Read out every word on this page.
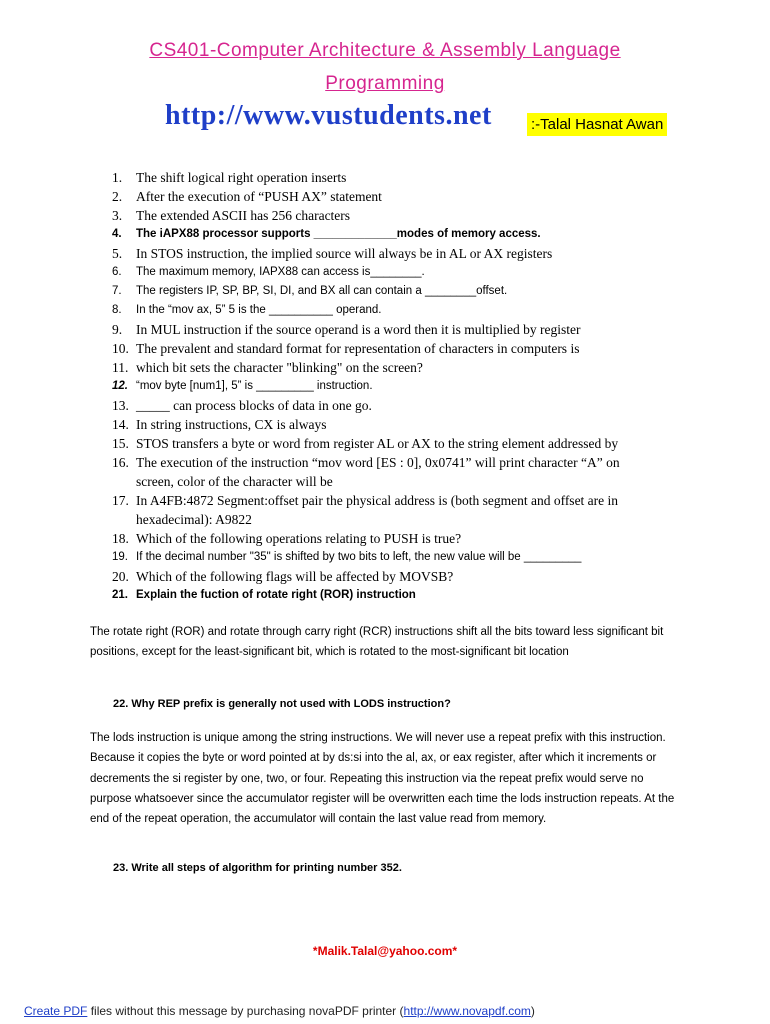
CS401-Computer Architecture & Assembly Language
Programming
http://www.vustudents.net	:-Talal Hasnat Awan
1.	The shift logical right operation inserts
2.	After the execution of “PUSH AX” statement
3.	The extended ASCII has 256 characters
4.	The iAPX88 processor supports _____________modes of memory access.
5.	In STOS instruction, the implied source will always be in AL or AX registers
6.	The maximum memory, IAPX88 can access is________.
7.	The registers IP, SP, BP, SI, DI, and BX all can contain a ________offset.
8.	In the “mov ax, 5” 5 is the __________ operand.
9.	In MUL instruction if the source operand is a word then it is multiplied by register
10. The prevalent and standard format for representation of characters in computers is
11. which bit sets the character "blinking" on the screen?
12. “mov byte [num1], 5” is _________ instruction.
13. _____ can process blocks of data in one go.
14. In string instructions, CX is always
15. STOS transfers a byte or word from register AL or AX to the string element addressed by
16. The execution of the instruction “mov word [ES : 0], 0x0741” will print character “A” on screen, color of the character will be
17. In A4FB:4872 Segment:offset pair the physical address is (both segment and offset are in hexadecimal): A9822
18. Which of the following operations relating to PUSH is true?
19. If the decimal number "35" is shifted by two bits to left, the new value will be _________
20. Which of the following flags will be affected by MOVSB?
21. Explain the fuction of rotate right (ROR) instruction
The rotate right (ROR) and rotate through carry right (RCR) instructions shift all the bits toward less significant bit positions, except for the least-significant bit, which is rotated to the most-significant bit location
22. Why REP prefix is generally not used with LODS instruction?
The lods instruction is unique among the string instructions. We will never use a repeat prefix with this instruction. Because it copies the byte or word pointed at by ds:si into the al, ax, or eax register, after which it increments or decrements the si register by one, two, or four. Repeating this instruction via the repeat prefix would serve no purpose whatsoever since the accumulator register will be overwritten each time the lods instruction repeats. At the end of the repeat operation, the accumulator will contain the last value read from memory.
23. Write all steps of algorithm for printing number 352.
*Malik.Talal@yahoo.com*
Create PDF files without this message by purchasing novaPDF printer (http://www.novapdf.com)
